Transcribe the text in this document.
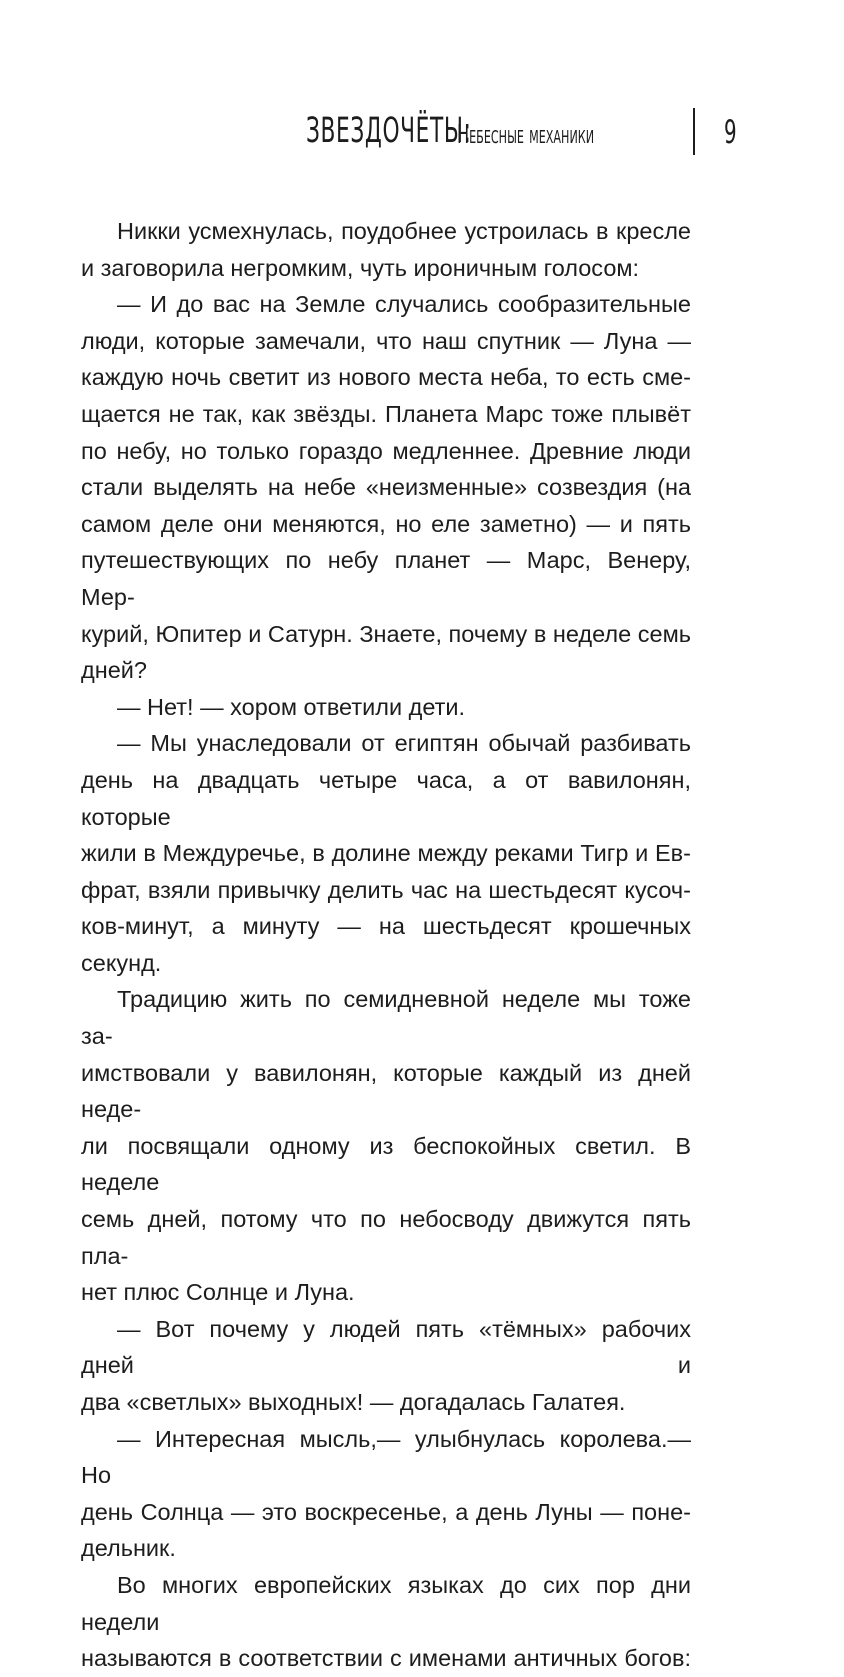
ЗВЕЗДОЧЁТЫ:
Небесные механики	9

Никки усмехнулась, поудобнее устроилась в кресле

и заговорила негромким, чуть ироничным голосом:

— И до вас на Земле случались сообразительные

люди, которые замечали, что наш спутник — Луна —

каждую ночь светит из нового места неба, то есть сме-

щается не так, как звёзды. Планета Марс тоже плывёт

по небу, но только гораздо медленнее. Древние люди

стали выделять на небе «неизменные» созвездия (на

самом деле они меняются, но еле заметно) — и пять

путешествующих по небу планет — Марс, Венеру, Мер-

курий, Юпитер и Сатурн. Знаете, почему в неделе семь

дней?

— Нет! — хором ответили дети.

— Мы унаследовали от египтян обычай разбивать

день на двадцать четыре часа, а от вавилонян, которые

жили в Междуречье, в долине между реками Тигр и Ев-

фрат, взяли привычку делить час на шестьдесят кусоч-

ков-минут, а минуту — на шестьдесят крошечных секунд.

Традицию жить по семидневной неделе мы тоже за-

имствовали у вавилонян, которые каждый из дней неде-

ли посвящали одному из беспокойных светил. В неделе

семь дней, потому что по небосводу движутся пять пла-

нет плюс Солнце и Луна.

— Вот почему у людей пять «тёмных» рабочих дней и

два «светлых» выходных! — догадалась Галатея.

— Интересная мысль,— улыбнулась королева.— Но

день Солнца — это воскресенье, а день Луны — поне-

дельник.

Во многих европейских языках до сих пор дни недели

называются в соответствии с именами античных богов:
